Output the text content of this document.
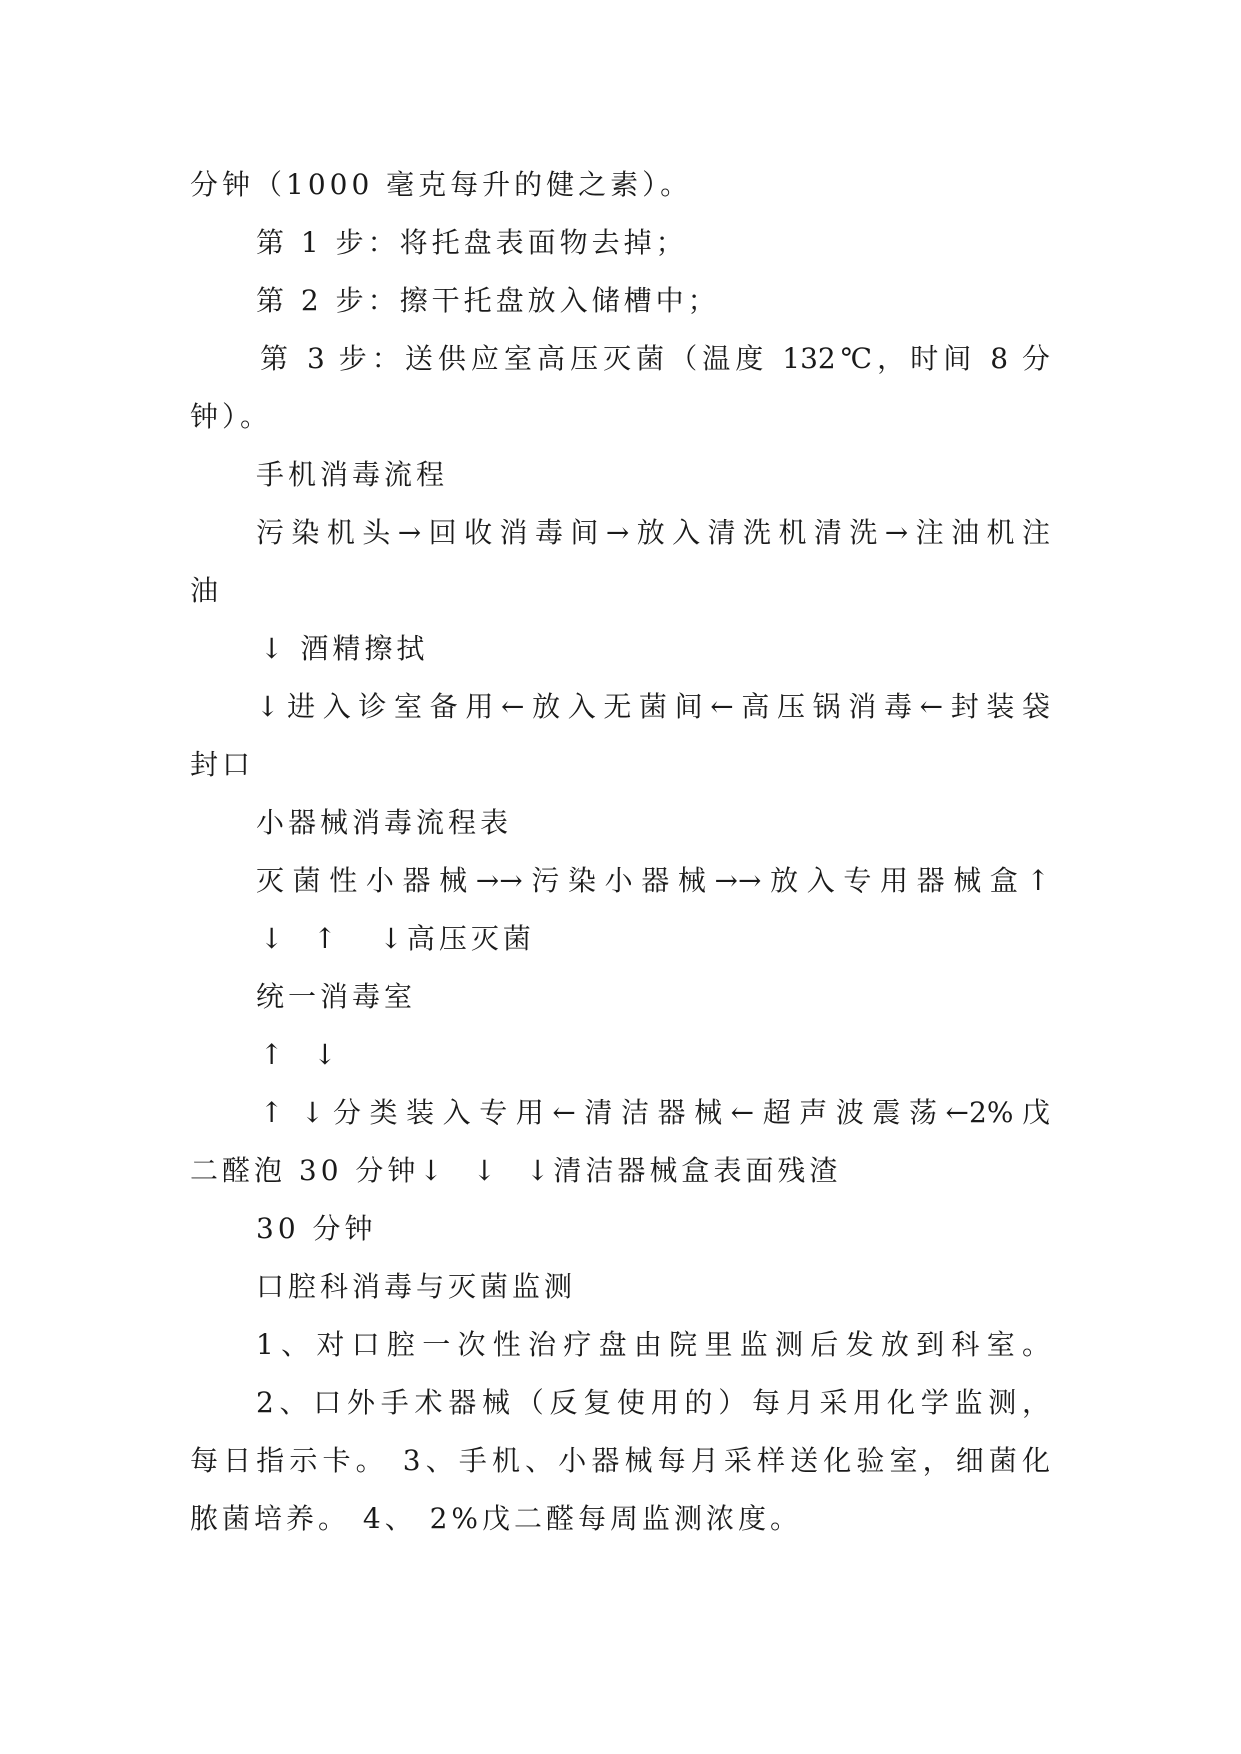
分钟（1000 毫克每升的健之素）。
第 1 步：将托盘表面物去掉；
第 2 步：擦干托盘放入储槽中；
第 3 步：送供应室高压灭菌（温度 132℃，时间 8 分
钟）。
手机消毒流程
污染机头→回收消毒间→放入清洗机清洗→注油机注
油
↓ 酒精擦拭
↓进入诊室备用←放入无菌间←高压锅消毒←封装袋
封口
小器械消毒流程表
灭菌性小器械→→污染小器械→→放入专用器械盒↑
↓  ↑   ↓高压灭菌
统一消毒室
↑  ↓
↑ ↓分类装入专用←清洁器械←超声波震荡←2%戊
二醛泡 30 分钟↓  ↓  ↓清洁器械盒表面残渣
30 分钟
口腔科消毒与灭菌监测
1、对口腔一次性治疗盘由院里监测后发放到科室。
2、口外手术器械（反复使用的）每月采用化学监测，
每日指示卡。 3、手机、小器械每月采样送化验室，细菌化
脓菌培养。 4、 2%戊二醛每周监测浓度。
